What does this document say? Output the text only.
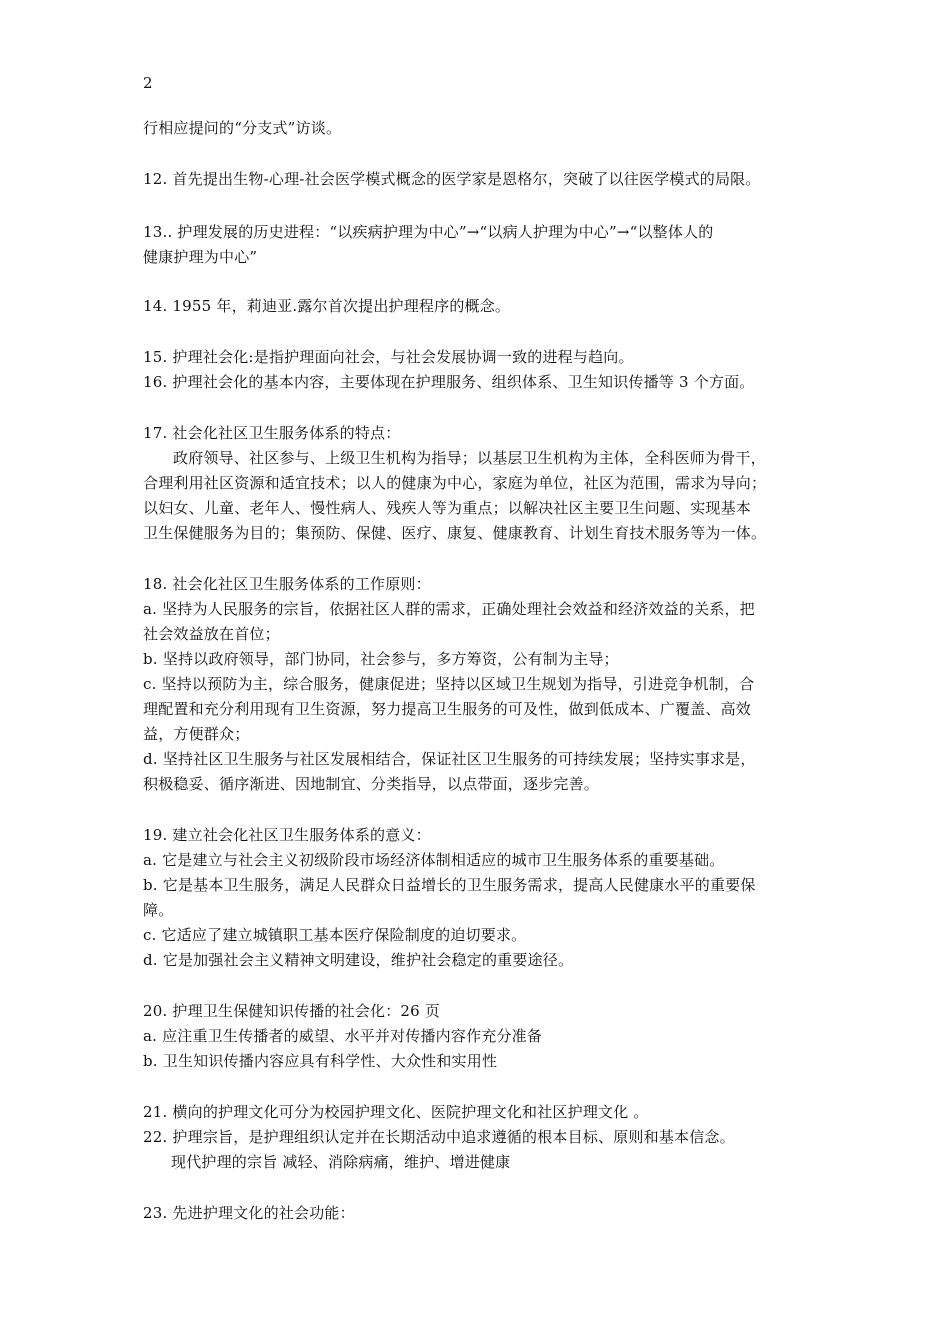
2
行相应提问的“分支式”访谈。
12. 首先提出生物-心理-社会医学模式概念的医学家是恩格尔，突破了以往医学模式的局限。
13.. 护理发展的历史进程：“以疾病护理为中心”→“以病人护理为中心”→“以整体人的
健康护理为中心”
14. 1955 年，莉迪亚.露尔首次提出护理程序的概念。
15. 护理社会化:是指护理面向社会，与社会发展协调一致的进程与趋向。
16. 护理社会化的基本内容，主要体现在护理服务、组织体系、卫生知识传播等 3 个方面。
17. 社会化社区卫生服务体系的特点：
政府领导、社区参与、上级卫生机构为指导；以基层卫生机构为主体，全科医师为骨干，
合理利用社区资源和适宜技术；以人的健康为中心，家庭为单位，社区为范围，需求为导向；
以妇女、儿童、老年人、慢性病人、残疾人等为重点；以解决社区主要卫生问题、实现基本
卫生保健服务为目的；集预防、保健、医疗、康复、健康教育、计划生育技术服务等为一体。
18. 社会化社区卫生服务体系的工作原则：
a. 坚持为人民服务的宗旨，依据社区人群的需求，正确处理社会效益和经济效益的关系，把
社会效益放在首位；
b. 坚持以政府领导，部门协同，社会参与，多方筹资，公有制为主导；
c. 坚持以预防为主，综合服务，健康促进；坚持以区域卫生规划为指导，引进竞争机制，合
理配置和充分利用现有卫生资源，努力提高卫生服务的可及性，做到低成本、广覆盖、高效
益，方便群众；
d. 坚持社区卫生服务与社区发展相结合，保证社区卫生服务的可持续发展；坚持实事求是，
积极稳妥、循序渐进、因地制宜、分类指导，以点带面，逐步完善。
19. 建立社会化社区卫生服务体系的意义：
a. 它是建立与社会主义初级阶段市场经济体制相适应的城市卫生服务体系的重要基础。
b. 它是基本卫生服务，满足人民群众日益增长的卫生服务需求，提高人民健康水平的重要保
障。
c. 它适应了建立城镇职工基本医疗保险制度的迫切要求。
d. 它是加强社会主义精神文明建设，维护社会稳定的重要途径。
20. 护理卫生保健知识传播的社会化：26 页
a. 应注重卫生传播者的威望、水平并对传播内容作充分准备
b. 卫生知识传播内容应具有科学性、大众性和实用性
21. 横向的护理文化可分为校园护理文化、医院护理文化和社区护理文化 。
22. 护理宗旨，是护理组织认定并在长期活动中追求遵循的根本目标、原则和基本信念。
现代护理的宗旨 减轻、消除病痛，维护、增进健康
23. 先进护理文化的社会功能：
